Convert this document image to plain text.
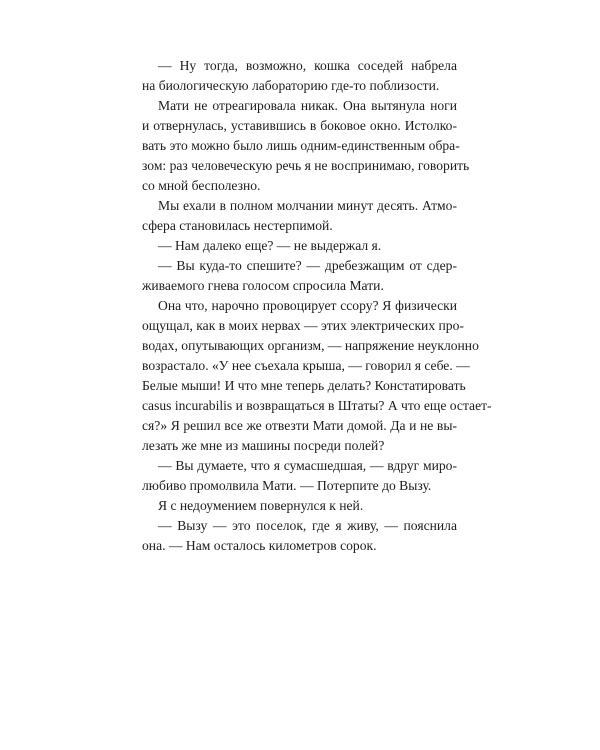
— Ну тогда, возможно, кошка соседей набрела
на биологическую лабораторию где-то поблизости.
Мати не отреагировала никак. Она вытянула ноги
и отвернулась, уставившись в боковое окно. Истолко-
вать это можно было лишь одним-единственным обра-
зом: раз человеческую речь я не воспринимаю, говорить
со мной бесполезно.
Мы ехали в полном молчании минут десять. Атмо-
сфера становилась нестерпимой.
— Нам далеко еще? — не выдержал я.
— Вы куда-то спешите? — дребезжащим от сдер-
живаемого гнева голосом спросила Мати.
Она что, нарочно провоцирует ссору? Я физически
ощущал, как в моих нервах — этих электрических про-
водах, опутывающих организм, — напряжение неуклонно
возрастало. «У нее съехала крыша, — говорил я себе. —
Белые мыши! И что мне теперь делать? Констатировать
casus incurabilis и возвращаться в Штаты? А что еще остает-
ся?» Я решил все же отвезти Мати домой. Да и не вы-
лезать же мне из машины посреди полей?
— Вы думаете, что я сумасшедшая, — вдруг миро-
любиво промолвила Мати. — Потерпите до Вызу.
Я с недоумением повернулся к ней.
— Вызу — это поселок, где я живу, — пояснила
она. — Нам осталось километров сорок.
